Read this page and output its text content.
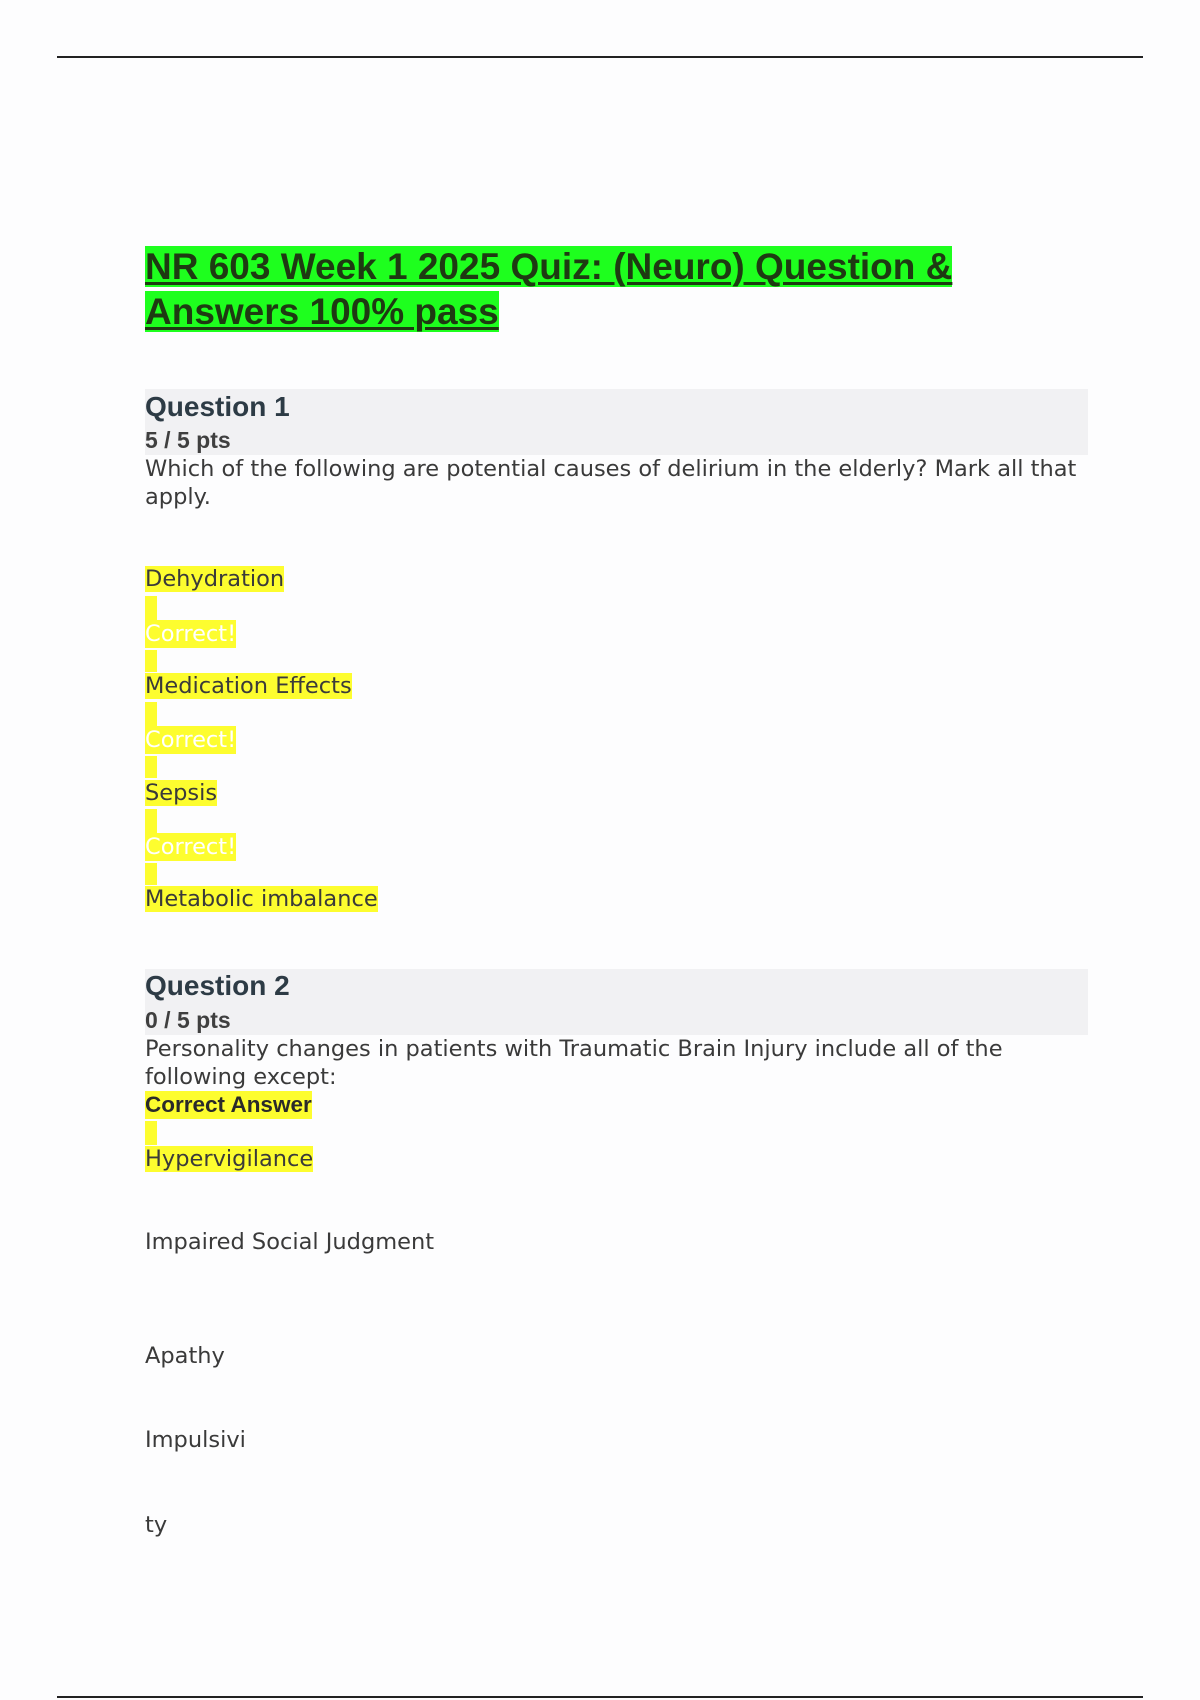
NR 603 Week 1 2025 Quiz: (Neuro) Question & Answers 100% pass
Question 1
5 / 5 pts
Which of the following are potential causes of delirium in the elderly? Mark all that apply.
Dehydration
Correct!
Medication Effects
Correct!
Sepsis
Correct!
Metabolic imbalance
Question 2
0 / 5 pts
Personality changes in patients with Traumatic Brain Injury include all of the following except:
Correct Answer
Hypervigilance
Impaired Social Judgment
Apathy
Impulsivi
ty
